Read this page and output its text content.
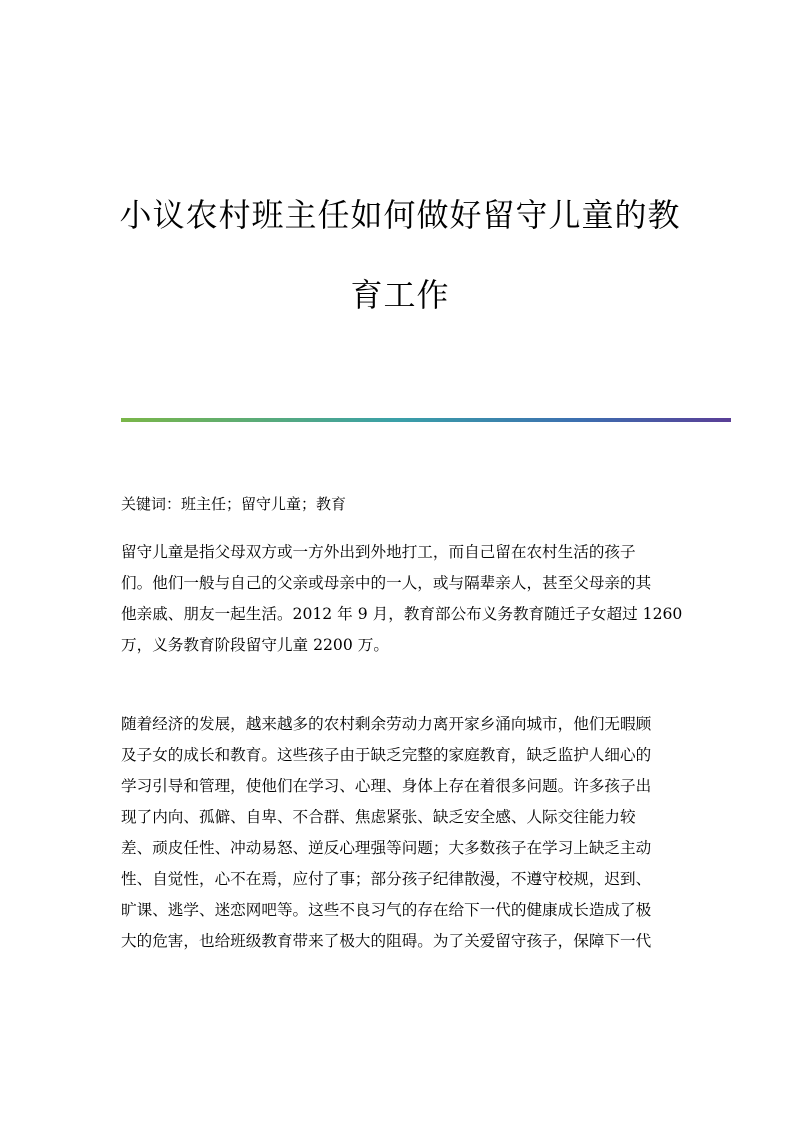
小议农村班主任如何做好留守儿童的教
育工作
关键词：班主任；留守儿童；教育
留守儿童是指父母双方或一方外出到外地打工，而自己留在农村生活的孩子
们。他们一般与自己的父亲或母亲中的一人，或与隔辈亲人，甚至父母亲的其
他亲戚、朋友一起生活。2012 年 9 月，教育部公布义务教育随迁子女超过 1260
万，义务教育阶段留守儿童 2200 万。
随着经济的发展，越来越多的农村剩余劳动力离开家乡涌向城市，他们无暇顾
及子女的成长和教育。这些孩子由于缺乏完整的家庭教育，缺乏监护人细心的
学习引导和管理，使他们在学习、心理、身体上存在着很多问题。许多孩子出
现了内向、孤僻、自卑、不合群、焦虑紧张、缺乏安全感、人际交往能力较
差、顽皮任性、冲动易怒、逆反心理强等问题；大多数孩子在学习上缺乏主动
性、自觉性，心不在焉，应付了事；部分孩子纪律散漫，不遵守校规，迟到、
旷课、逃学、迷恋网吧等。这些不良习气的存在给下一代的健康成长造成了极
大的危害，也给班级教育带来了极大的阻碍。为了关爱留守孩子，保障下一代
